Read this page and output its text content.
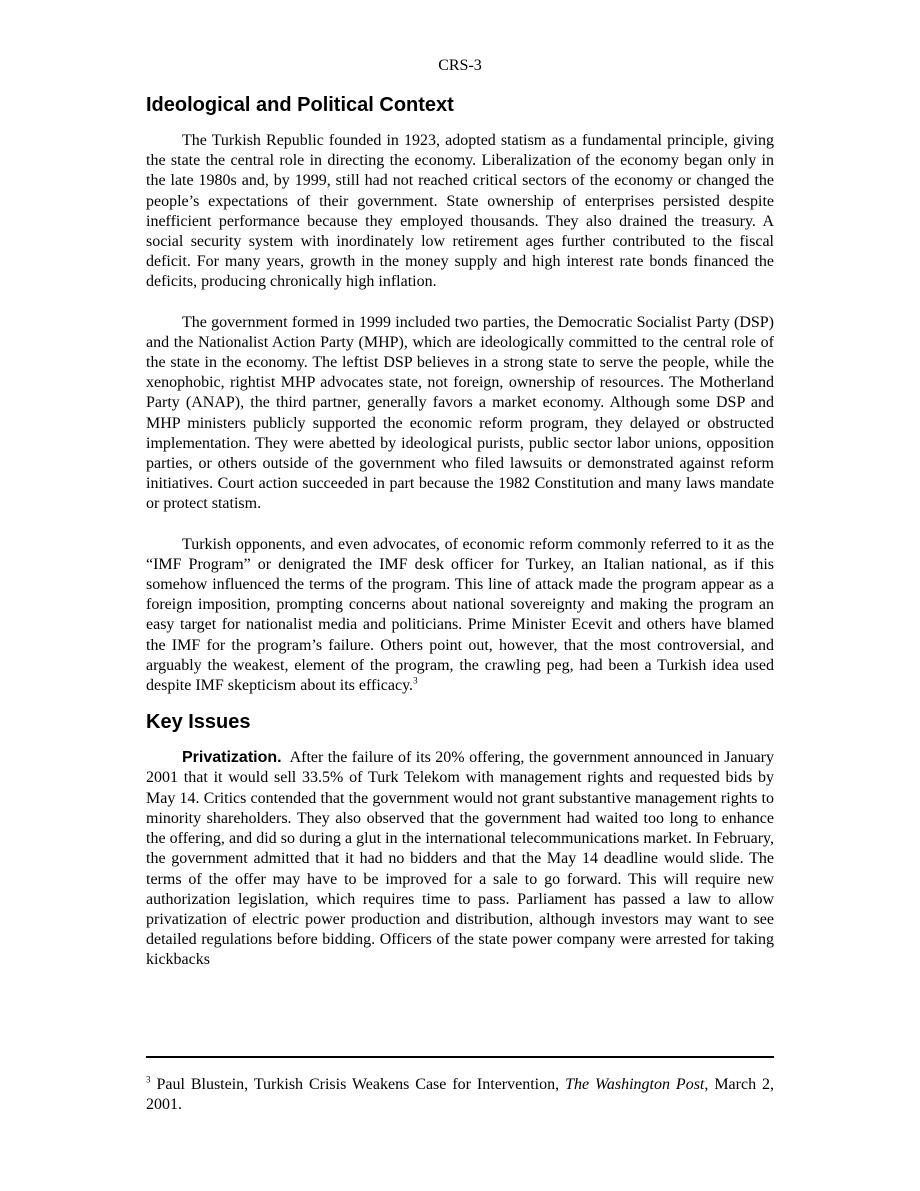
CRS-3
Ideological and Political Context

The Turkish Republic founded in 1923, adopted statism as a fundamental principle, giving the state the central role in directing the economy. Liberalization of the economy began only in the late 1980s and, by 1999, still had not reached critical sectors of the economy or changed the people’s expectations of their government. State ownership of enterprises persisted despite inefficient performance because they employed thousands. They also drained the treasury. A social security system with inordinately low retirement ages further contributed to the fiscal deficit. For many years, growth in the money supply and high interest rate bonds financed the deficits, producing chronically high inflation.

The government formed in 1999 included two parties, the Democratic Socialist Party (DSP) and the Nationalist Action Party (MHP), which are ideologically committed to the central role of the state in the economy. The leftist DSP believes in a strong state to serve the people, while the xenophobic, rightist MHP advocates state, not foreign, ownership of resources. The Motherland Party (ANAP), the third partner, generally favors a market economy. Although some DSP and MHP ministers publicly supported the economic reform program, they delayed or obstructed implementation. They were abetted by ideological purists, public sector labor unions, opposition parties, or others outside of the government who filed lawsuits or demonstrated against reform initiatives. Court action succeeded in part because the 1982 Constitution and many laws mandate or protect statism.

Turkish opponents, and even advocates, of economic reform commonly referred to it as the “IMF Program” or denigrated the IMF desk officer for Turkey, an Italian national, as if this somehow influenced the terms of the program. This line of attack made the program appear as a foreign imposition, prompting concerns about national sovereignty and making the program an easy target for nationalist media and politicians. Prime Minister Ecevit and others have blamed the IMF for the program’s failure. Others point out, however, that the most controversial, and arguably the weakest, element of the program, the crawling peg, had been a Turkish idea used despite IMF skepticism about its efficacy.$^3$

Key Issues

Privatization. After the failure of its 20% offering, the government announced in January 2001 that it would sell 33.5% of Turk Telekom with management rights and requested bids by May 14. Critics contended that the government would not grant substantive management rights to minority shareholders. They also observed that the government had waited too long to enhance the offering, and did so during a glut in the international telecommunications market. In February, the government admitted that it had no bidders and that the May 14 deadline would slide. The terms of the offer may have to be improved for a sale to go forward. This will require new authorization legislation, which requires time to pass. Parliament has passed a law to allow privatization of electric power production and distribution, although investors may want to see detailed regulations before bidding. Officers of the state power company were arrested for taking kickbacks

$^3$ Paul Blustein, Turkish Crisis Weakens Case for Intervention, The Washington Post, March 2, 2001.
